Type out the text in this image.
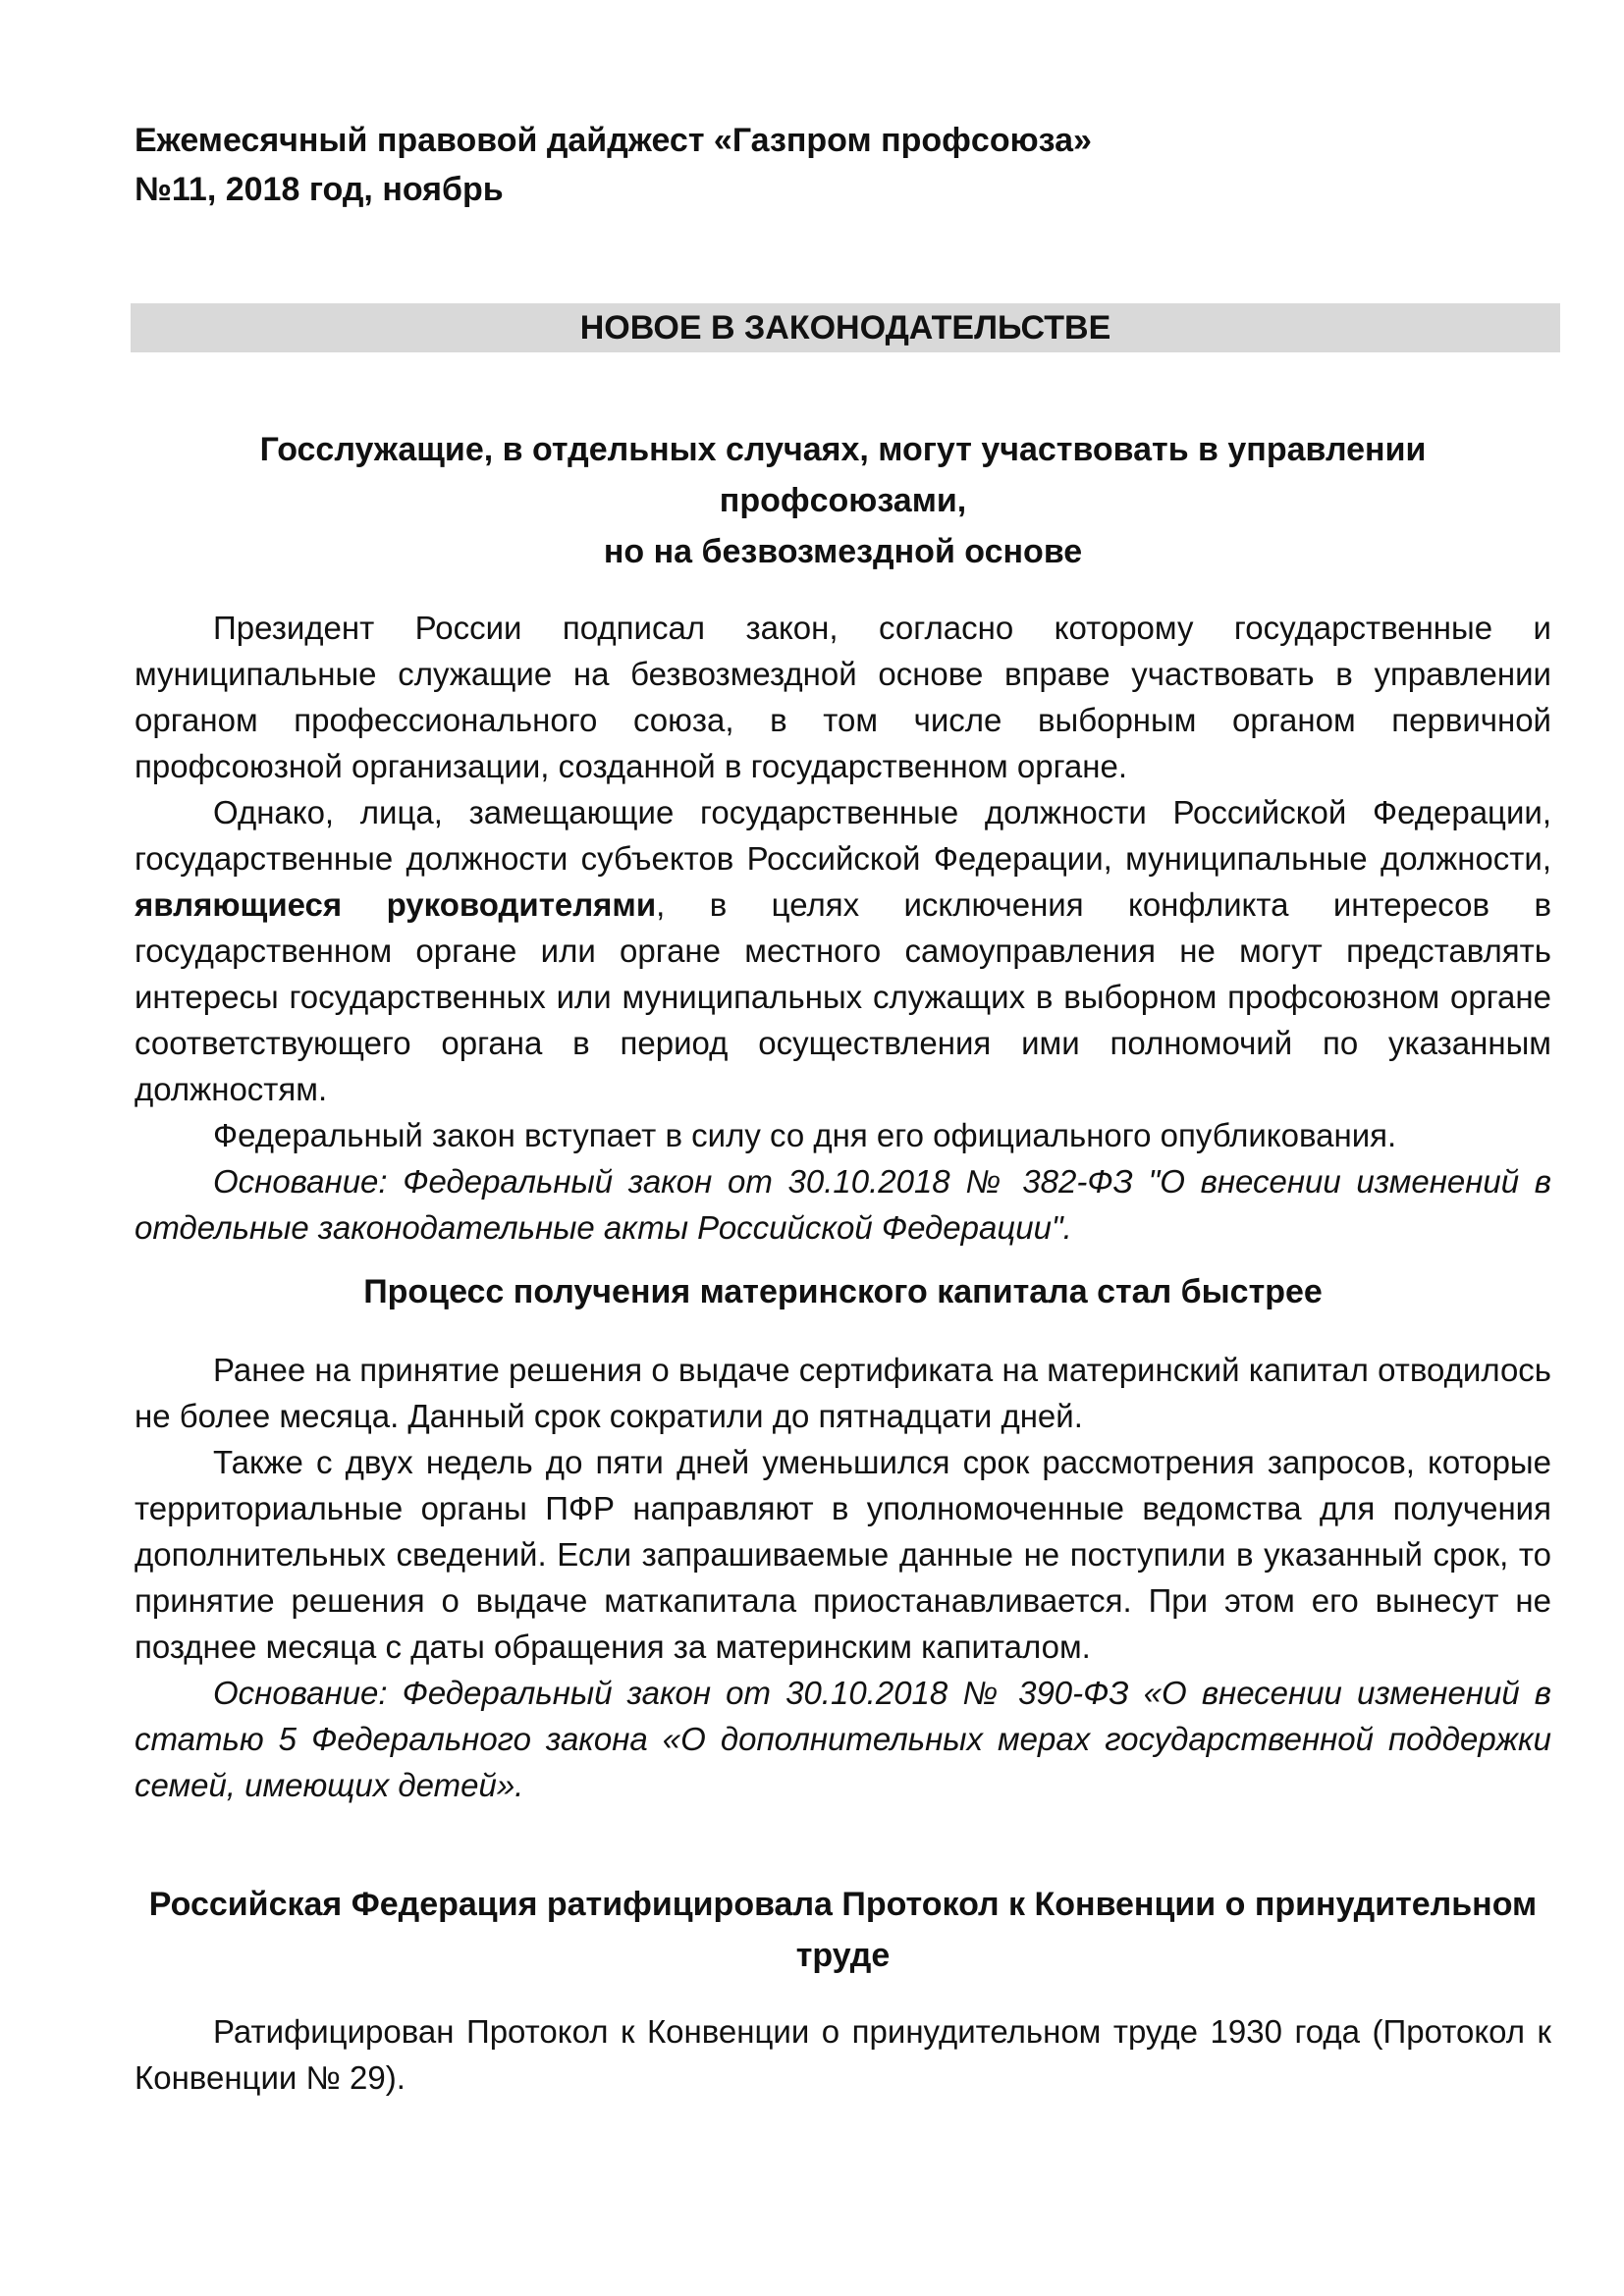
Ежемесячный правовой дайджест «Газпром профсоюза»
№11, 2018 год, ноябрь
НОВОЕ В ЗАКОНОДАТЕЛЬСТВЕ
Госслужащие, в отдельных случаях, могут участвовать в управлении профсоюзами,
но на безвозмездной основе

Президент России подписал закон, согласно которому государственные и муниципальные служащие на безвозмездной основе вправе участвовать в управлении органом профессионального союза, в том числе выборным органом первичной профсоюзной организации, созданной в государственном органе.

Однако, лица, замещающие государственные должности Российской Федерации, государственные должности субъектов Российской Федерации, муниципальные должности, являющиеся руководителями, в целях исключения конфликта интересов в государственном органе или органе местного самоуправления не могут представлять интересы государственных или муниципальных служащих в выборном профсоюзном органе соответствующего органа в период осуществления ими полномочий по указанным должностям.

Федеральный закон вступает в силу со дня его официального опубликования.

Основание: Федеральный закон от 30.10.2018 № 382-ФЗ "О внесении изменений в отдельные законодательные акты Российской Федерации".

Процесс получения материнского капитала стал быстрее

Ранее на принятие решения о выдаче сертификата на материнский капитал отводилось не более месяца. Данный срок сократили до пятнадцати дней.

Также с двух недель до пяти дней уменьшился срок рассмотрения запросов, которые территориальные органы ПФР направляют в уполномоченные ведомства для получения дополнительных сведений. Если запрашиваемые данные не поступили в указанный срок, то принятие решения о выдаче маткапитала приостанавливается. При этом его вынесут не позднее месяца с даты обращения за материнским капиталом.

Основание: Федеральный закон от 30.10.2018 № 390-ФЗ «О внесении изменений в статью 5 Федерального закона «О дополнительных мерах государственной поддержки семей, имеющих детей».

Российская Федерация ратифицировала Протокол к Конвенции о принудительном
труде

Ратифицирован Протокол к Конвенции о принудительном труде 1930 года (Протокол к Конвенции № 29).
